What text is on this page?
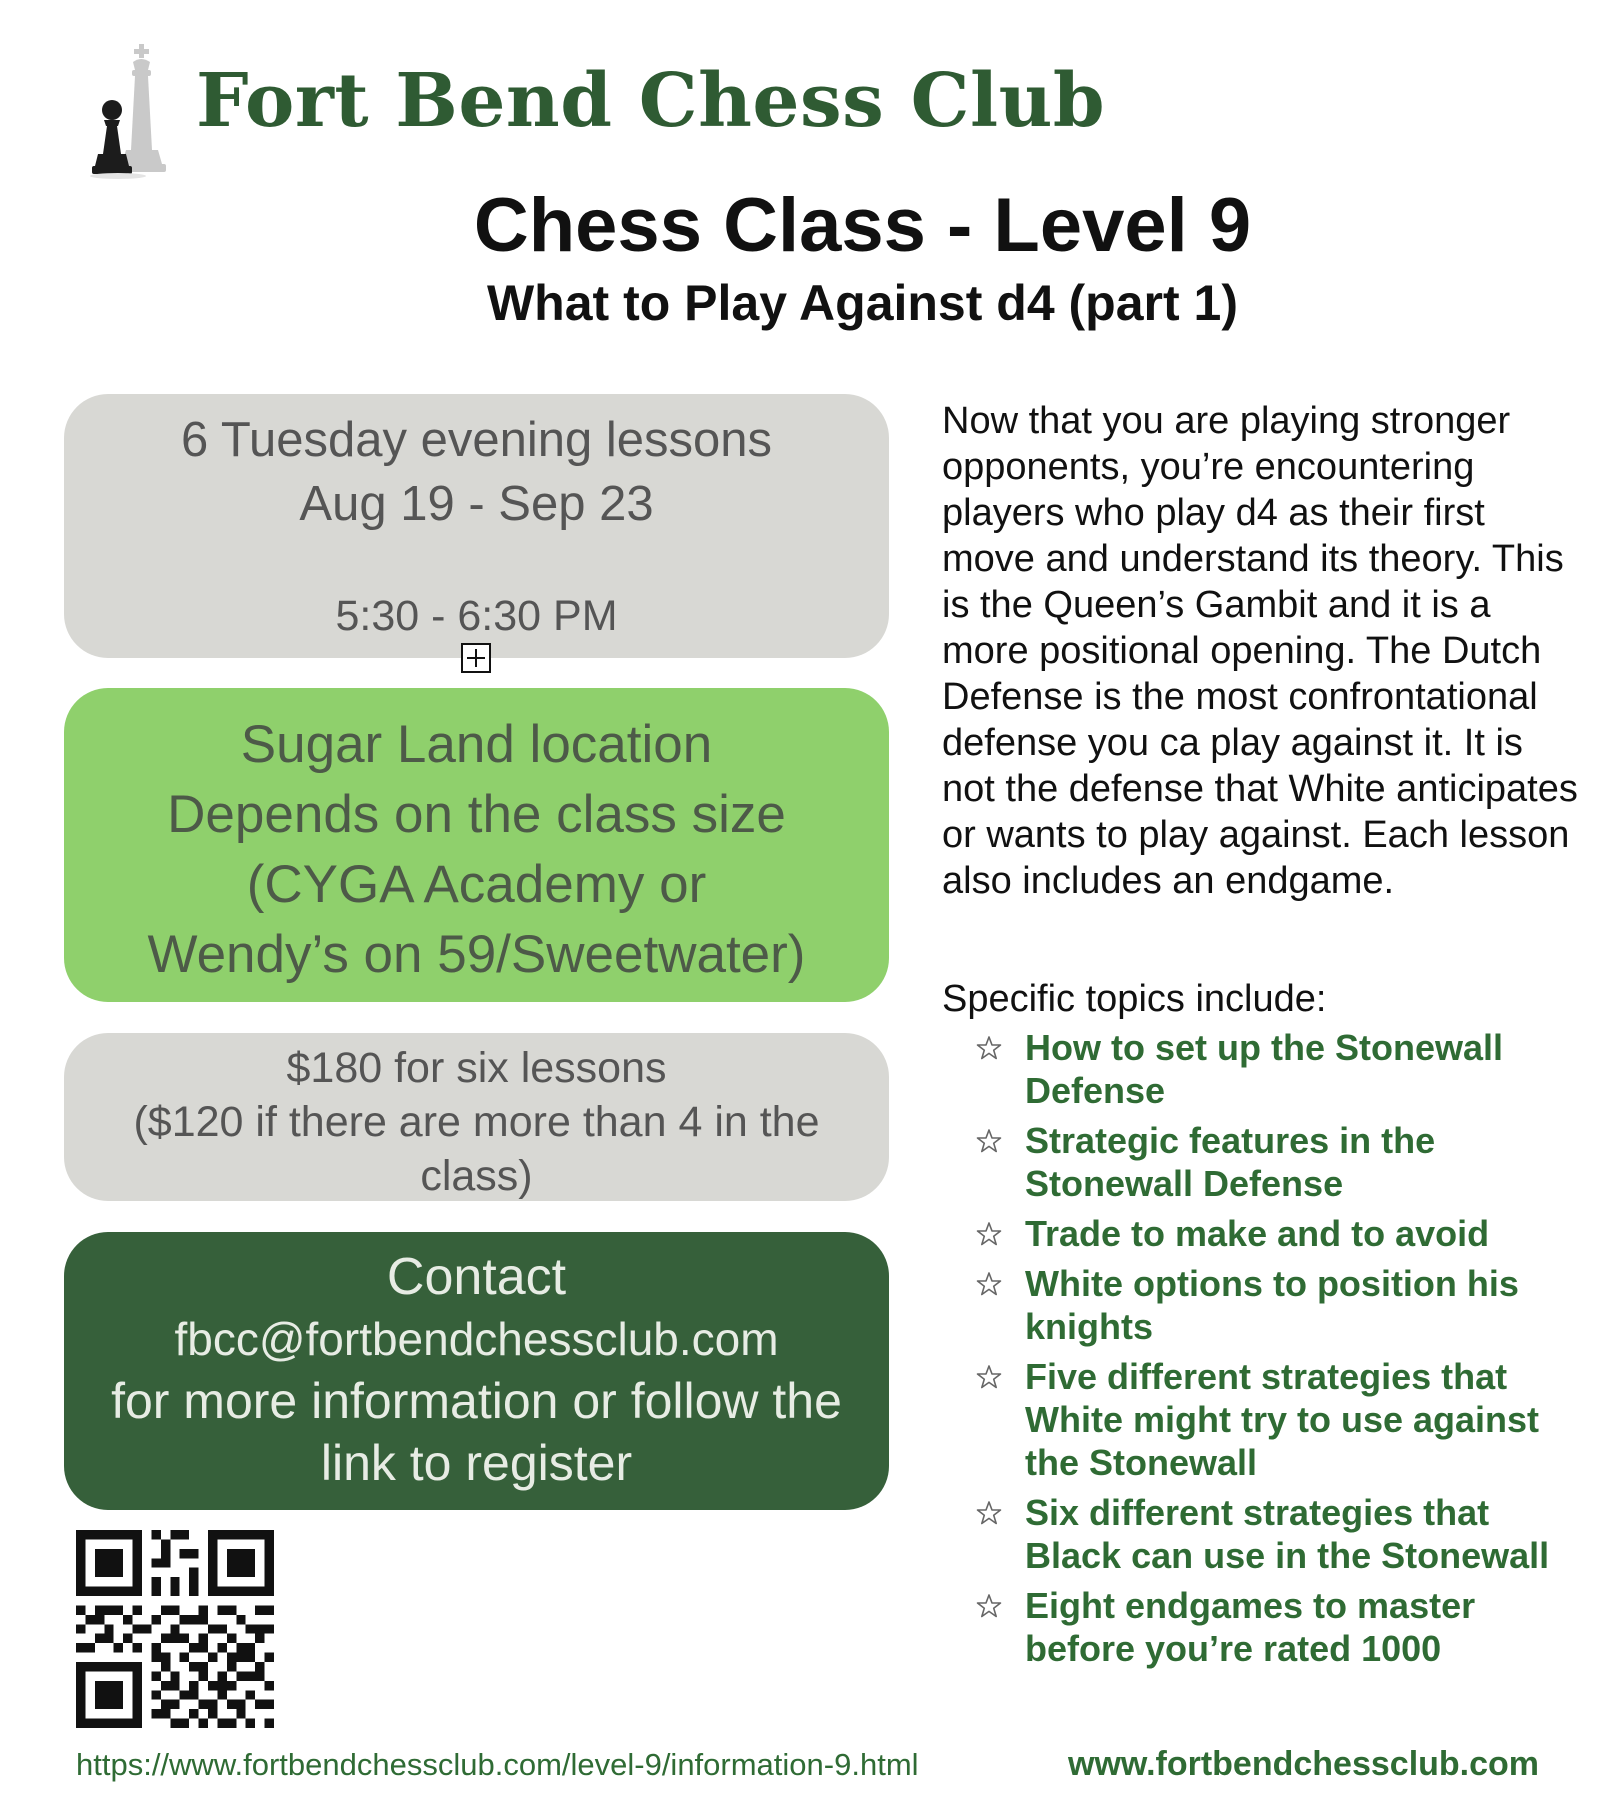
Fort Bend Chess Club
Chess Class - Level 9
What to Play Against d4 (part 1)
6 Tuesday evening lessons
Aug 19 - Sep 23
5:30 - 6:30 PM
Sugar Land location
Depends on the class size
(CYGA Academy or
Wendy’s on 59/Sweetwater)
$180 for six lessons
($120 if there are more than 4 in the
class)
Contact
fbcc@fortbendchessclub.com
for more information or follow the
link to register
Now that you are playing stronger opponents, you’re encountering players who play d4 as their first move and understand its theory. This is the Queen’s Gambit and it is a more positional opening. The Dutch Defense is the most confrontational defense you ca play against it. It is not the defense that White anticipates or wants to play against. Each lesson also includes an endgame.
Specific topics include:
How to set up the Stonewall Defense
Strategic features in the Stonewall Defense
Trade to make and to avoid
White options to position his knights
Five different strategies that White might try to use against the Stonewall
Six different strategies that Black can use in the Stonewall
Eight endgames to master before you’re rated 1000
https://www.fortbendchessclub.com/level-9/information-9.html	www.fortbendchessclub.com
